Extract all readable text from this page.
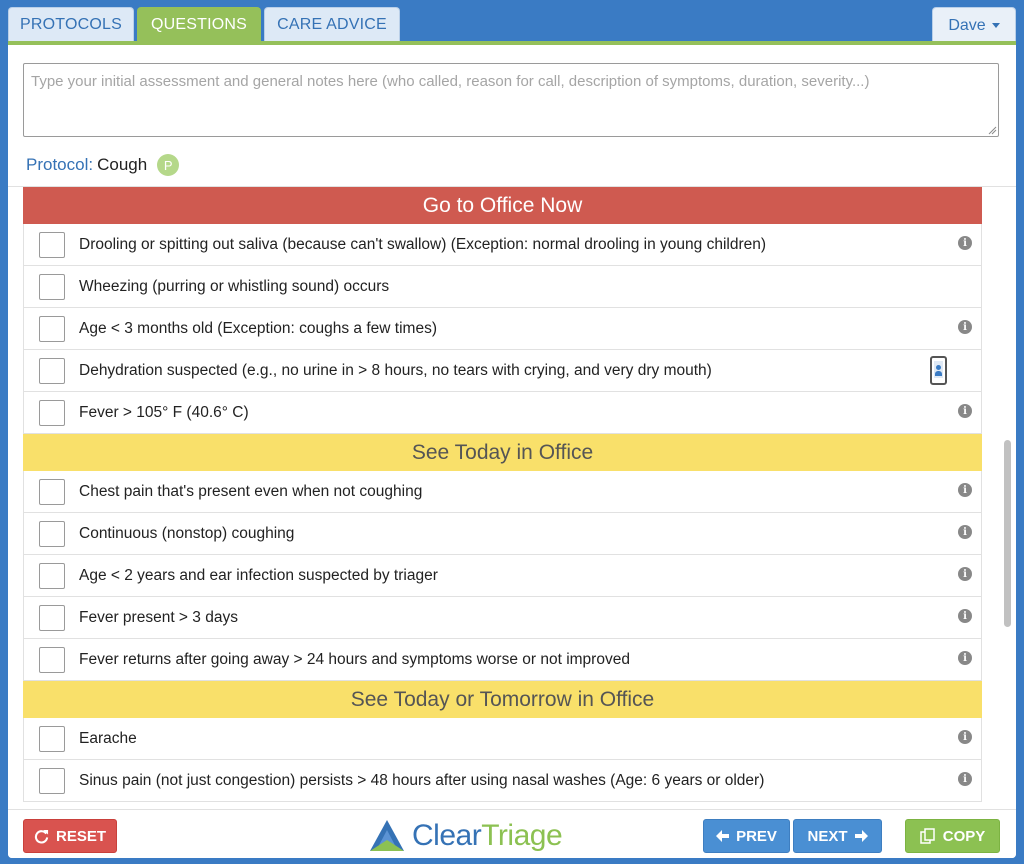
PROTOCOLS	QUESTIONS	CARE ADVICE	Dave
Type your initial assessment and general notes here (who called, reason for call, description of symptoms, duration, severity...)
Protocol: Cough	P
Go to Office Now
Drooling or spitting out saliva (because can't swallow) (Exception: normal drooling in young children)	i
Wheezing (purring or whistling sound) occurs
Age < 3 months old (Exception: coughs a few times)	i
Dehydration suspected (e.g., no urine in > 8 hours, no tears with crying, and very dry mouth)
Fever > 105° F (40.6° C)	i
See Today in Office
Chest pain that's present even when not coughing	i
Continuous (nonstop) coughing	i
Age < 2 years and ear infection suspected by triager	i
Fever present > 3 days	i
Fever returns after going away > 24 hours and symptoms worse or not improved	i
See Today or Tomorrow in Office
Earache	i
Sinus pain (not just congestion) persists > 48 hours after using nasal washes (Age: 6 years or older)	i
RESET	ClearTriage	PREV NEXT	COPY
